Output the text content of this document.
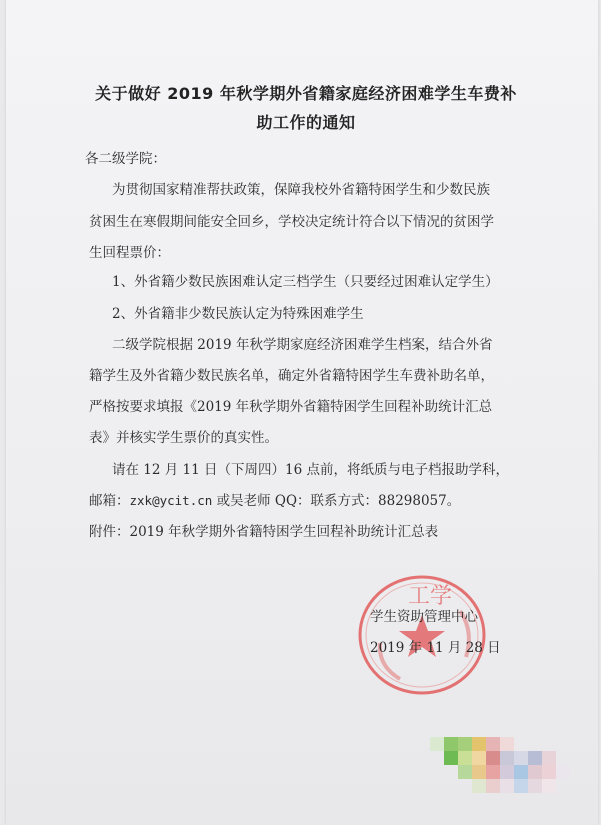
关于做好 2019 年秋学期外省籍家庭经济困难学生车费补
助工作的通知
各二级学院：
为贯彻国家精准帮扶政策，保障我校外省籍特困学生和少数民族
贫困生在寒假期间能安全回乡，学校决定统计符合以下情况的贫困学
生回程票价：
1、外省籍少数民族困难认定三档学生（只要经过困难认定学生）
2、外省籍非少数民族认定为特殊困难学生
二级学院根据 2019 年秋学期家庭经济困难学生档案，结合外省
籍学生及外省籍少数民族名单，确定外省籍特困学生车费补助名单，
严格按要求填报《2019 年秋学期外省籍特困学生回程补助统计汇总
表》并核实学生票价的真实性。
请在 12 月 11 日（下周四）16 点前，将纸质与电子档报助学科，
邮箱：zxk@ycit.cn 或吴老师 QQ：联系方式：88298057。
附件：2019 年秋学期外省籍特困学生回程补助统计汇总表
工学
学生资助管理中心
2019 年 11 月 28 日
